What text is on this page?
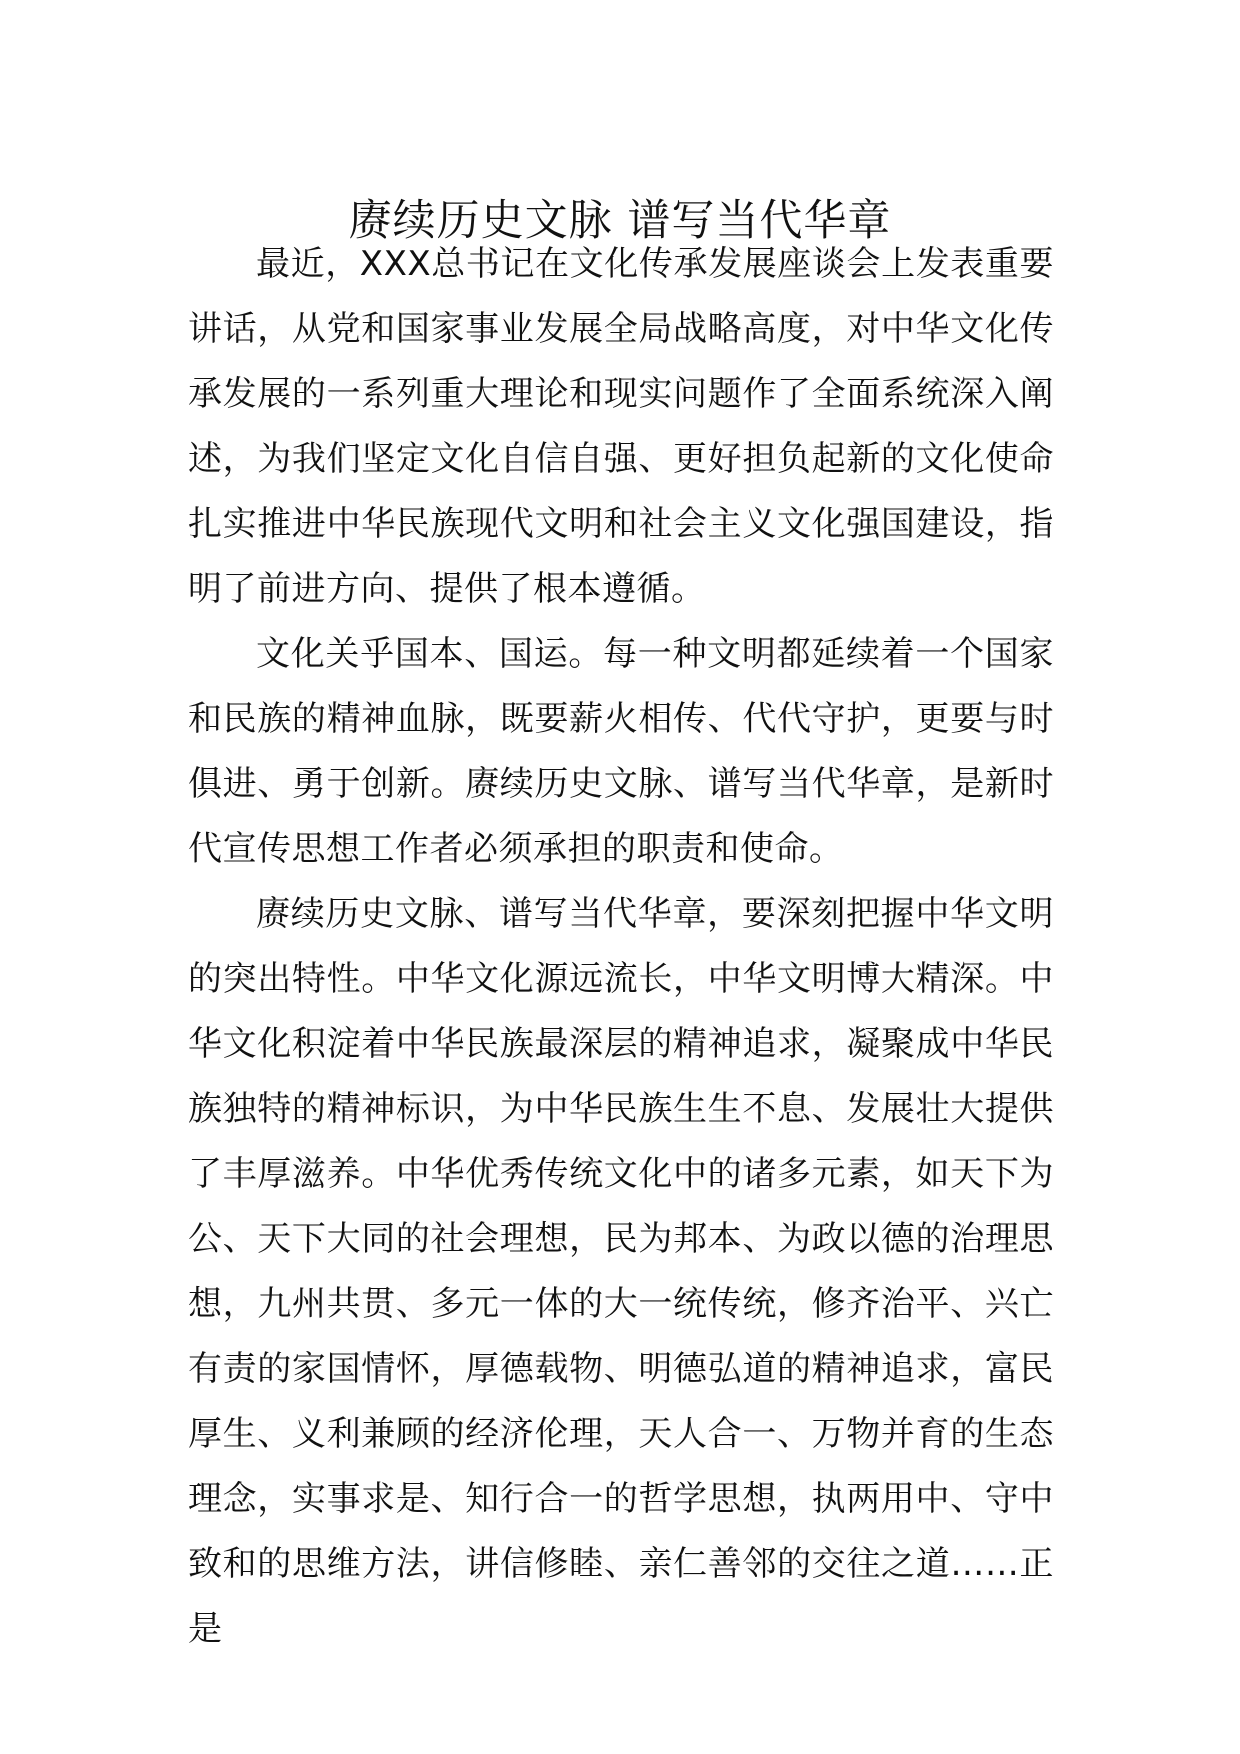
赓续历史文脉 谱写当代华章

最近，XXX总书记在文化传承发展座谈会上发表重要讲话，从党和国家事业发展全局战略高度，对中华文化传承发展的一系列重大理论和现实问题作了全面系统深入阐述，为我们坚定文化自信自强、更好担负起新的文化使命扎实推进中华民族现代文明和社会主义文化强国建设，指明了前进方向、提供了根本遵循。

文化关乎国本、国运。每一种文明都延续着一个国家和民族的精神血脉，既要薪火相传、代代守护，更要与时俱进、勇于创新。赓续历史文脉、谱写当代华章，是新时代宣传思想工作者必须承担的职责和使命。

赓续历史文脉、谱写当代华章，要深刻把握中华文明的突出特性。中华文化源远流长，中华文明博大精深。中华文化积淀着中华民族最深层的精神追求，凝聚成中华民族独特的精神标识，为中华民族生生不息、发展壮大提供了丰厚滋养。中华优秀传统文化中的诸多元素，如天下为公、天下大同的社会理想，民为邦本、为政以德的治理思想，九州共贯、多元一体的大一统传统，修齐治平、兴亡有责的家国情怀，厚德载物、明德弘道的精神追求，富民厚生、义利兼顾的经济伦理，天人合一、万物并育的生态理念，实事求是、知行合一的哲学思想，执两用中、守中致和的思维方法，讲信修睦、亲仁善邻的交往之道……正是
